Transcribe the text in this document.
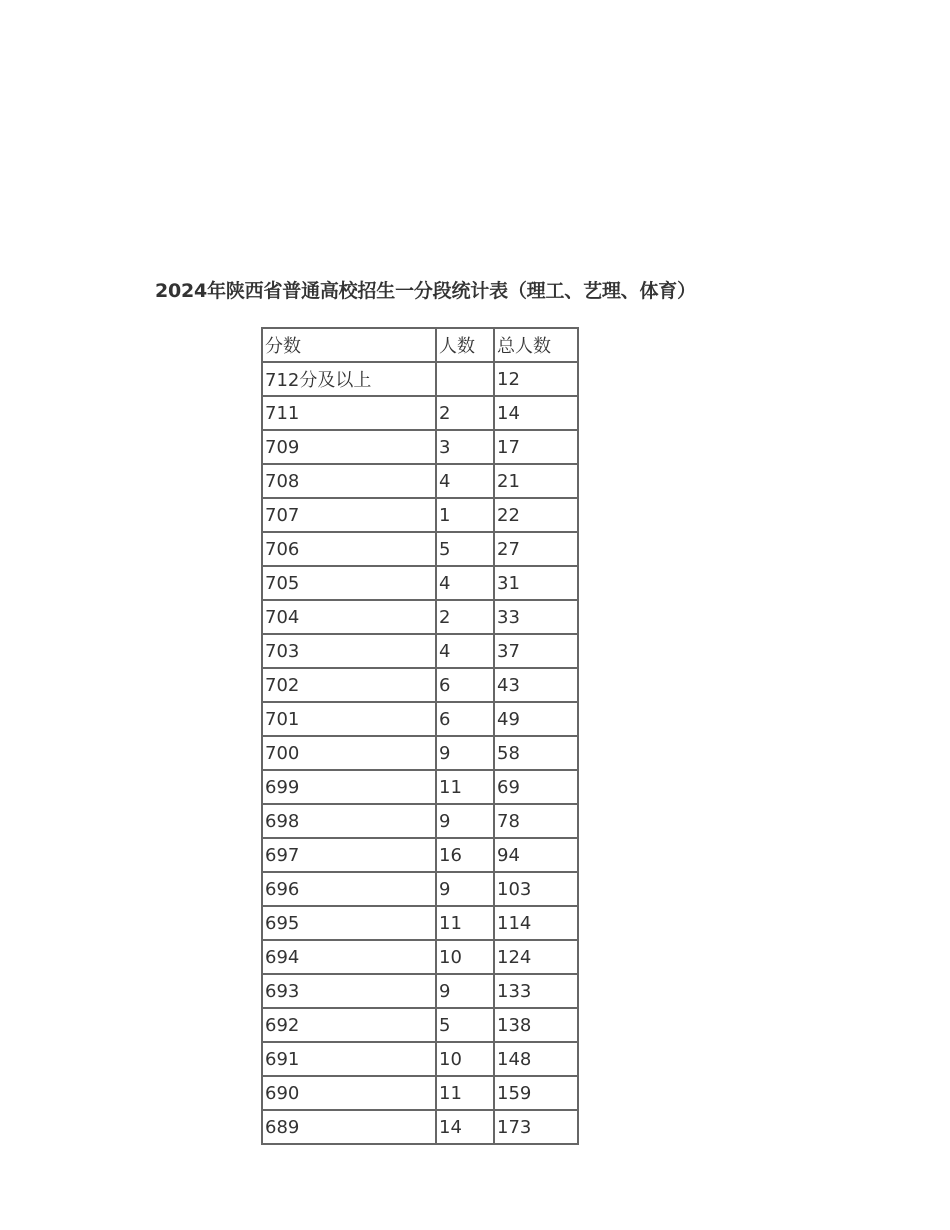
2024年陕西省普通高校招生一分段统计表（理工、艺理、体育）
分数	人数	总人数
712分及以上		12
711	2	14
709	3	17
708	4	21
707	1	22
706	5	27
705	4	31
704	2	33
703	4	37
702	6	43
701	6	49
700	9	58
699	11	69
698	9	78
697	16	94
696	9	103
695	11	114
694	10	124
693	9	133
692	5	138
691	10	148
690	11	159
689	14	173
